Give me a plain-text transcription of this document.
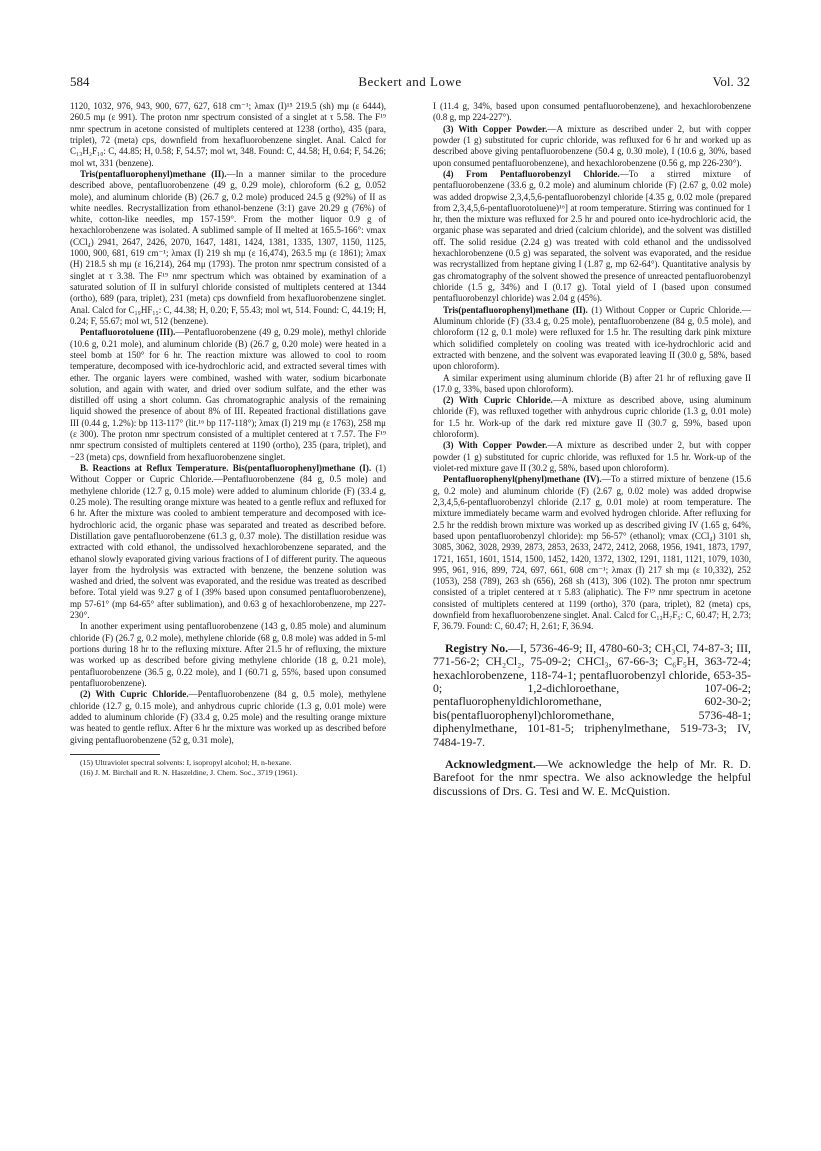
584	Beckert and Lowe	Vol. 32

1120, 1032, 976, 943, 900, 677, 627, 618 cm⁻¹; λmax (I)¹⁵ 219.5 (sh) mμ (ε 6444), 260.5 mμ (ε 991). The proton nmr spectrum consisted of a singlet at τ 5.58. The F¹⁹ nmr spectrum in acetone consisted of multiplets centered at 1238 (ortho), 435 (para, triplet), 72 (meta) cps, downfield from hexafluorobenzene singlet. Anal. Calcd for C₁₃H₂F₁₀: C, 44.85; H, 0.58; F, 54.57; mol wt, 348. Found: C, 44.58; H, 0.64; F, 54.26; mol wt, 331 (benzene).

Tris(pentafluorophenyl)methane (II).—In a manner similar to the procedure described above, pentafluorobenzene (49 g, 0.29 mole), chloroform (6.2 g, 0.052 mole), and aluminum chloride (B) (26.7 g, 0.2 mole) produced 24.5 g (92%) of II as white needles. Recrystallization from ethanol-benzene (3:1) gave 20.29 g (76%) of white, cotton-like needles, mp 157-159°. From the mother liquor 0.9 g of hexachlorobenzene was isolated. A sublimed sample of II melted at 165.5-166°: νmax (CCl₄) 2941, 2647, 2426, 2070, 1647, 1481, 1424, 1381, 1335, 1307, 1150, 1125, 1000, 900, 681, 619 cm⁻¹; λmax (I) 219 sh mμ (ε 16,474), 263.5 mμ (ε 1861); λmax (H) 218.5 sh mμ (ε 16,214), 264 mμ (1793). The proton nmr spectrum consisted of a singlet at τ 3.38. The F¹⁹ nmr spectrum which was obtained by examination of a saturated solution of II in sulfuryl chloride consisted of multiplets centered at 1344 (ortho), 689 (para, triplet), 231 (meta) cps downfield from hexafluorobenzene singlet. Anal. Calcd for C₁₉HF₁₅: C, 44.38; H, 0.20; F, 55.43; mol wt, 514. Found: C, 44.19; H, 0.24; F, 55.67; mol wt, 512 (benzene).

Pentafluorotoluene (III).—Pentafluorobenzene (49 g, 0.29 mole), methyl chloride (10.6 g, 0.21 mole), and aluminum chloride (B) (26.7 g, 0.20 mole) were heated in a steel bomb at 150° for 6 hr. The reaction mixture was allowed to cool to room temperature, decomposed with ice-hydrochloric acid, and extracted several times with ether. The organic layers were combined, washed with water, sodium bicarbonate solution, and again with water, and dried over sodium sulfate, and the ether was distilled off using a short column. Gas chromatographic analysis of the remaining liquid showed the presence of about 8% of III. Repeated fractional distillations gave III (0.44 g, 1.2%): bp 113-117° (lit.¹⁶ bp 117-118°); λmax (I) 219 mμ (ε 1763), 258 mμ (ε 300). The proton nmr spectrum consisted of a multiplet centered at τ 7.57. The F¹⁹ nmr spectrum consisted of multiplets centered at 1190 (ortho), 235 (para, triplet), and −23 (meta) cps, downfield from hexafluorobenzene singlet.

B. Reactions at Reflux Temperature. Bis(pentafluorophenyl)methane (I). (1) Without Copper or Cupric Chloride.—Pentafluorobenzene (84 g, 0.5 mole) and methylene chloride (12.7 g, 0.15 mole) were added to aluminum chloride (F) (33.4 g, 0.25 mole). The resulting orange mixture was heated to a gentle reflux and refluxed for 6 hr. After the mixture was cooled to ambient temperature and decomposed with ice-hydrochloric acid, the organic phase was separated and treated as described before. Distillation gave pentafluorobenzene (61.3 g, 0.37 mole). The distillation residue was extracted with cold ethanol, the undissolved hexachlorobenzene separated, and the ethanol slowly evaporated giving various fractions of I of different purity. The aqueous layer from the hydrolysis was extracted with benzene, the benzene solution was washed and dried, the solvent was evaporated, and the residue was treated as described before. Total yield was 9.27 g of I (39% based upon consumed pentafluorobenzene), mp 57-61° (mp 64-65° after sublimation), and 0.63 g of hexachlorobenzene, mp 227-230°.

In another experiment using pentafluorobenzene (143 g, 0.85 mole) and aluminum chloride (F) (26.7 g, 0.2 mole), methylene chloride (68 g, 0.8 mole) was added in 5-ml portions during 18 hr to the refluxing mixture. After 21.5 hr of refluxing, the mixture was worked up as described before giving methylene chloride (18 g, 0.21 mole), pentafluorobenzene (36.5 g, 0.22 mole), and I (60.71 g, 55%, based upon consumed pentafluorobenzene).

(2) With Cupric Chloride.—Pentafluorobenzene (84 g, 0.5 mole), methylene chloride (12.7 g, 0.15 mole), and anhydrous cupric chloride (1.3 g, 0.01 mole) were added to aluminum chloride (F) (33.4 g, 0.25 mole) and the resulting orange mixture was heated to gentle reflux. After 6 hr the mixture was worked up as described before giving pentafluorobenzene (52 g, 0.31 mole),

(15) Ultraviolet spectral solvents: I, isopropyl alcohol; H, n-hexane.
(16) J. M. Birchall and R. N. Haszeldine, J. Chem. Soc., 3719 (1961).

I (11.4 g, 34%, based upon consumed pentafluorobenzene), and hexachlorobenzene (0.8 g, mp 224-227°).

(3) With Copper Powder.—A mixture as described under 2, but with copper powder (1 g) substituted for cupric chloride, was refluxed for 6 hr and worked up as described above giving pentafluorobenzene (50.4 g, 0.30 mole), I (10.6 g, 30%, based upon consumed pentafluorobenzene), and hexachlorobenzene (0.56 g, mp 226-230°).

(4) From Pentafluorobenzyl Chloride.—To a stirred mixture of pentafluorobenzene (33.6 g, 0.2 mole) and aluminum chloride (F) (2.67 g, 0.02 mole) was added dropwise 2,3,4,5,6-pentafluorobenzyl chloride [4.35 g, 0.02 mole (prepared from 2,3,4,5,6-pentafluorotoluene)¹⁶] at room temperature. Stirring was continued for 1 hr, then the mixture was refluxed for 2.5 hr and poured onto ice-hydrochloric acid, the organic phase was separated and dried (calcium chloride), and the solvent was distilled off. The solid residue (2.24 g) was treated with cold ethanol and the undissolved hexachlorobenzene (0.5 g) was separated, the solvent was evaporated, and the residue was recrystallized from heptane giving I (1.87 g, mp 62-64°). Quantitative analysis by gas chromatography of the solvent showed the presence of unreacted pentafluorobenzyl chloride (1.5 g, 34%) and I (0.17 g). Total yield of I (based upon consumed pentafluorobenzyl chloride) was 2.04 g (45%).

Tris(pentafluorophenyl)methane (II). (1) Without Copper or Cupric Chloride.—Aluminum chloride (F) (33.4 g, 0.25 mole), pentafluorobenzene (84 g, 0.5 mole), and chloroform (12 g, 0.1 mole) were refluxed for 1.5 hr. The resulting dark pink mixture which solidified completely on cooling was treated with ice-hydrochloric acid and extracted with benzene, and the solvent was evaporated leaving II (30.0 g, 58%, based upon chloroform).

A similar experiment using aluminum chloride (B) after 21 hr of refluxing gave II (17.0 g, 33%, based upon chloroform).

(2) With Cupric Chloride.—A mixture as described above, using aluminum chloride (F), was refluxed together with anhydrous cupric chloride (1.3 g, 0.01 mole) for 1.5 hr. Work-up of the dark red mixture gave II (30.7 g, 59%, based upon chloroform).

(3) With Copper Powder.—A mixture as described under 2, but with copper powder (1 g) substituted for cupric chloride, was refluxed for 1.5 hr. Work-up of the violet-red mixture gave II (30.2 g, 58%, based upon chloroform).

Pentafluorophenyl(phenyl)methane (IV).—To a stirred mixture of benzene (15.6 g, 0.2 mole) and aluminum chloride (F) (2.67 g, 0.02 mole) was added dropwise 2,3,4,5,6-pentafluorobenzyl chloride (2.17 g, 0.01 mole) at room temperature. The mixture immediately became warm and evolved hydrogen chloride. After refluxing for 2.5 hr the reddish brown mixture was worked up as described giving IV (1.65 g, 64%, based upon pentafluorobenzyl chloride): mp 56-57° (ethanol); νmax (CCl₄) 3101 sh, 3085, 3062, 3028, 2939, 2873, 2853, 2633, 2472, 2412, 2068, 1956, 1941, 1873, 1797, 1721, 1651, 1601, 1514, 1500, 1452, 1420, 1372, 1302, 1291, 1181, 1121, 1079, 1030, 995, 961, 916, 899, 724, 697, 661, 608 cm⁻¹; λmax (I) 217 sh mμ (ε 10,332), 252 (1053), 258 (789), 263 sh (656), 268 sh (413), 306 (102). The proton nmr spectrum consisted of a triplet centered at τ 5.83 (aliphatic). The F¹⁹ nmr spectrum in acetone consisted of multiplets centered at 1199 (ortho), 370 (para, triplet), 82 (meta) cps, downfield from hexafluorobenzene singlet. Anal. Calcd for C₁₃H₇F₅: C, 60.47; H, 2.73; F, 36.79. Found: C, 60.47; H, 2.61; F, 36.94.

Registry No.—I, 5736-46-9; II, 4780-60-3; CH₃Cl, 74-87-3; III, 771-56-2; CH₂Cl₂, 75-09-2; CHCl₃, 67-66-3; C₆F₅H, 363-72-4; hexachlorobenzene, 118-74-1; pentafluorobenzyl chloride, 653-35-0; 1,2-dichloroethane, 107-06-2; pentafluorophenyldichloromethane, 602-30-2; bis(pentafluorophenyl)chloromethane, 5736-48-1; diphenylmethane, 101-81-5; triphenylmethane, 519-73-3; IV, 7484-19-7.

Acknowledgment.—We acknowledge the help of Mr. R. D. Barefoot for the nmr spectra. We also acknowledge the helpful discussions of Drs. G. Tesi and W. E. McQuistion.
